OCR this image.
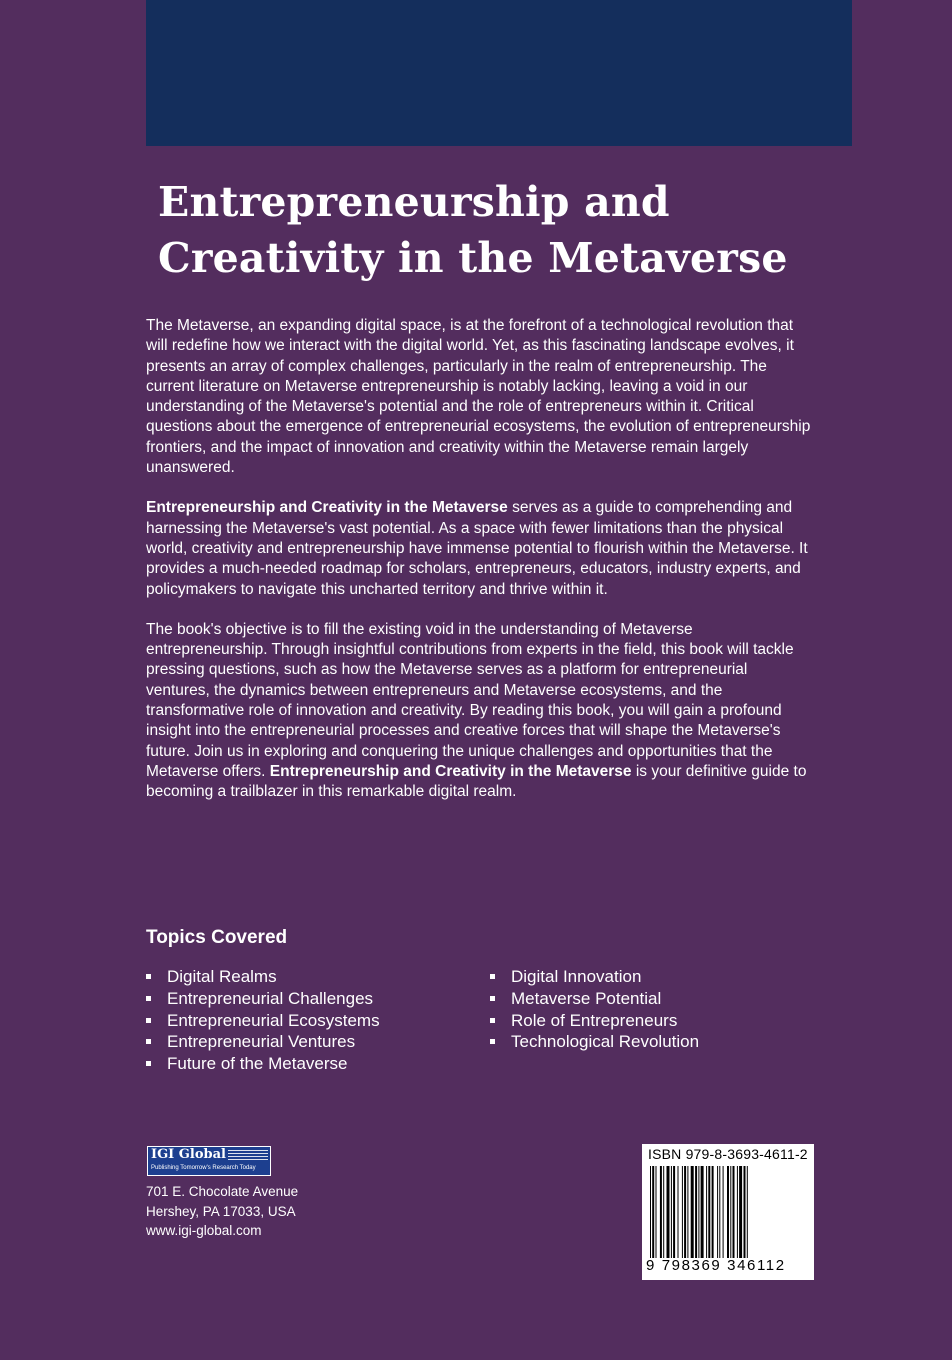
Entrepreneurship and
Creativity in the Metaverse

The Metaverse, an expanding digital space, is at the forefront of a technological revolution that will redefine how we interact with the digital world. Yet, as this fascinating landscape evolves, it presents an array of complex challenges, particularly in the realm of entrepreneurship. The current literature on Metaverse entrepreneurship is notably lacking, leaving a void in our understanding of the Metaverse's potential and the role of entrepreneurs within it. Critical questions about the emergence of entrepreneurial ecosystems, the evolution of entrepreneurship frontiers, and the impact of innovation and creativity within the Metaverse remain largely unanswered.

Entrepreneurship and Creativity in the Metaverse serves as a guide to comprehending and harnessing the Metaverse's vast potential. As a space with fewer limitations than the physical world, creativity and entrepreneurship have immense potential to flourish within the Metaverse. It provides a much-needed roadmap for scholars, entrepreneurs, educators, industry experts, and policymakers to navigate this uncharted territory and thrive within it.

The book's objective is to fill the existing void in the understanding of Metaverse entrepreneurship. Through insightful contributions from experts in the field, this book will tackle pressing questions, such as how the Metaverse serves as a platform for entrepreneurial ventures, the dynamics between entrepreneurs and Metaverse ecosystems, and the transformative role of innovation and creativity. By reading this book, you will gain a profound insight into the entrepreneurial processes and creative forces that will shape the Metaverse's future. Join us in exploring and conquering the unique challenges and opportunities that the Metaverse offers. Entrepreneurship and Creativity in the Metaverse is your definitive guide to becoming a trailblazer in this remarkable digital realm.

Topics Covered
Digital Realms
Entrepreneurial Challenges
Entrepreneurial Ecosystems
Entrepreneurial Ventures
Future of the Metaverse
Digital Innovation
Metaverse Potential
Role of Entrepreneurs
Technological Revolution
IGI Global
Publishing Tomorrow's Research Today
701 E. Chocolate Avenue
Hershey, PA 17033, USA
www.igi-global.com
ISBN 979-8-3693-4611-2
9 798369 346112
